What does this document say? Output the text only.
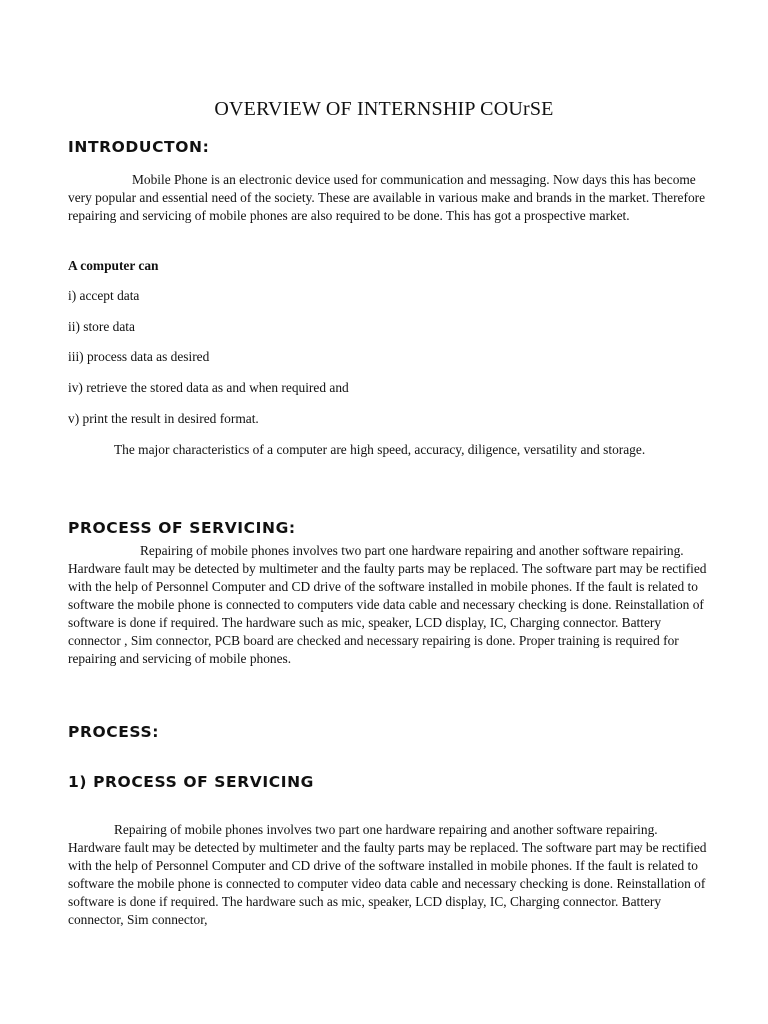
OVERVIEW OF INTERNSHIP COUrSE
INTRODUCTON:

Mobile Phone is an electronic device used for communication and messaging. Now days this has become very popular and essential need of the society. These are available in various make and brands in the market. Therefore repairing and servicing of mobile phones are also required to be done. This has got a prospective market.

A computer can

i) accept data

ii) store data

iii) process data as desired

iv) retrieve the stored data as and when required and

v) print the result in desired format.

The major characteristics of a computer are high speed, accuracy, diligence, versatility and storage.

PROCESS OF SERVICING:

Repairing of mobile phones involves two part one hardware repairing and another software repairing. Hardware fault may be detected by multimeter and the faulty parts may be replaced. The software part may be rectified with the help of Personnel Computer and CD drive of the software installed in mobile phones. If the fault is related to software the mobile phone is connected to computers vide data cable and necessary checking is done. Reinstallation of software is done if required. The hardware such as mic, speaker, LCD display, IC, Charging connector. Battery connector , Sim connector, PCB board are checked and necessary repairing is done. Proper training is required for repairing and servicing of mobile phones.

PROCESS:
1) PROCESS OF SERVICING

Repairing of mobile phones involves two part one hardware repairing and another software repairing. Hardware fault may be detected by multimeter and the faulty parts may be replaced. The software part may be rectified with the help of Personnel Computer and CD drive of the software installed in mobile phones. If the fault is related to software the mobile phone is connected to computer video data cable and necessary checking is done. Reinstallation of software is done if required. The hardware such as mic, speaker, LCD display, IC, Charging connector. Battery connector, Sim connector,
